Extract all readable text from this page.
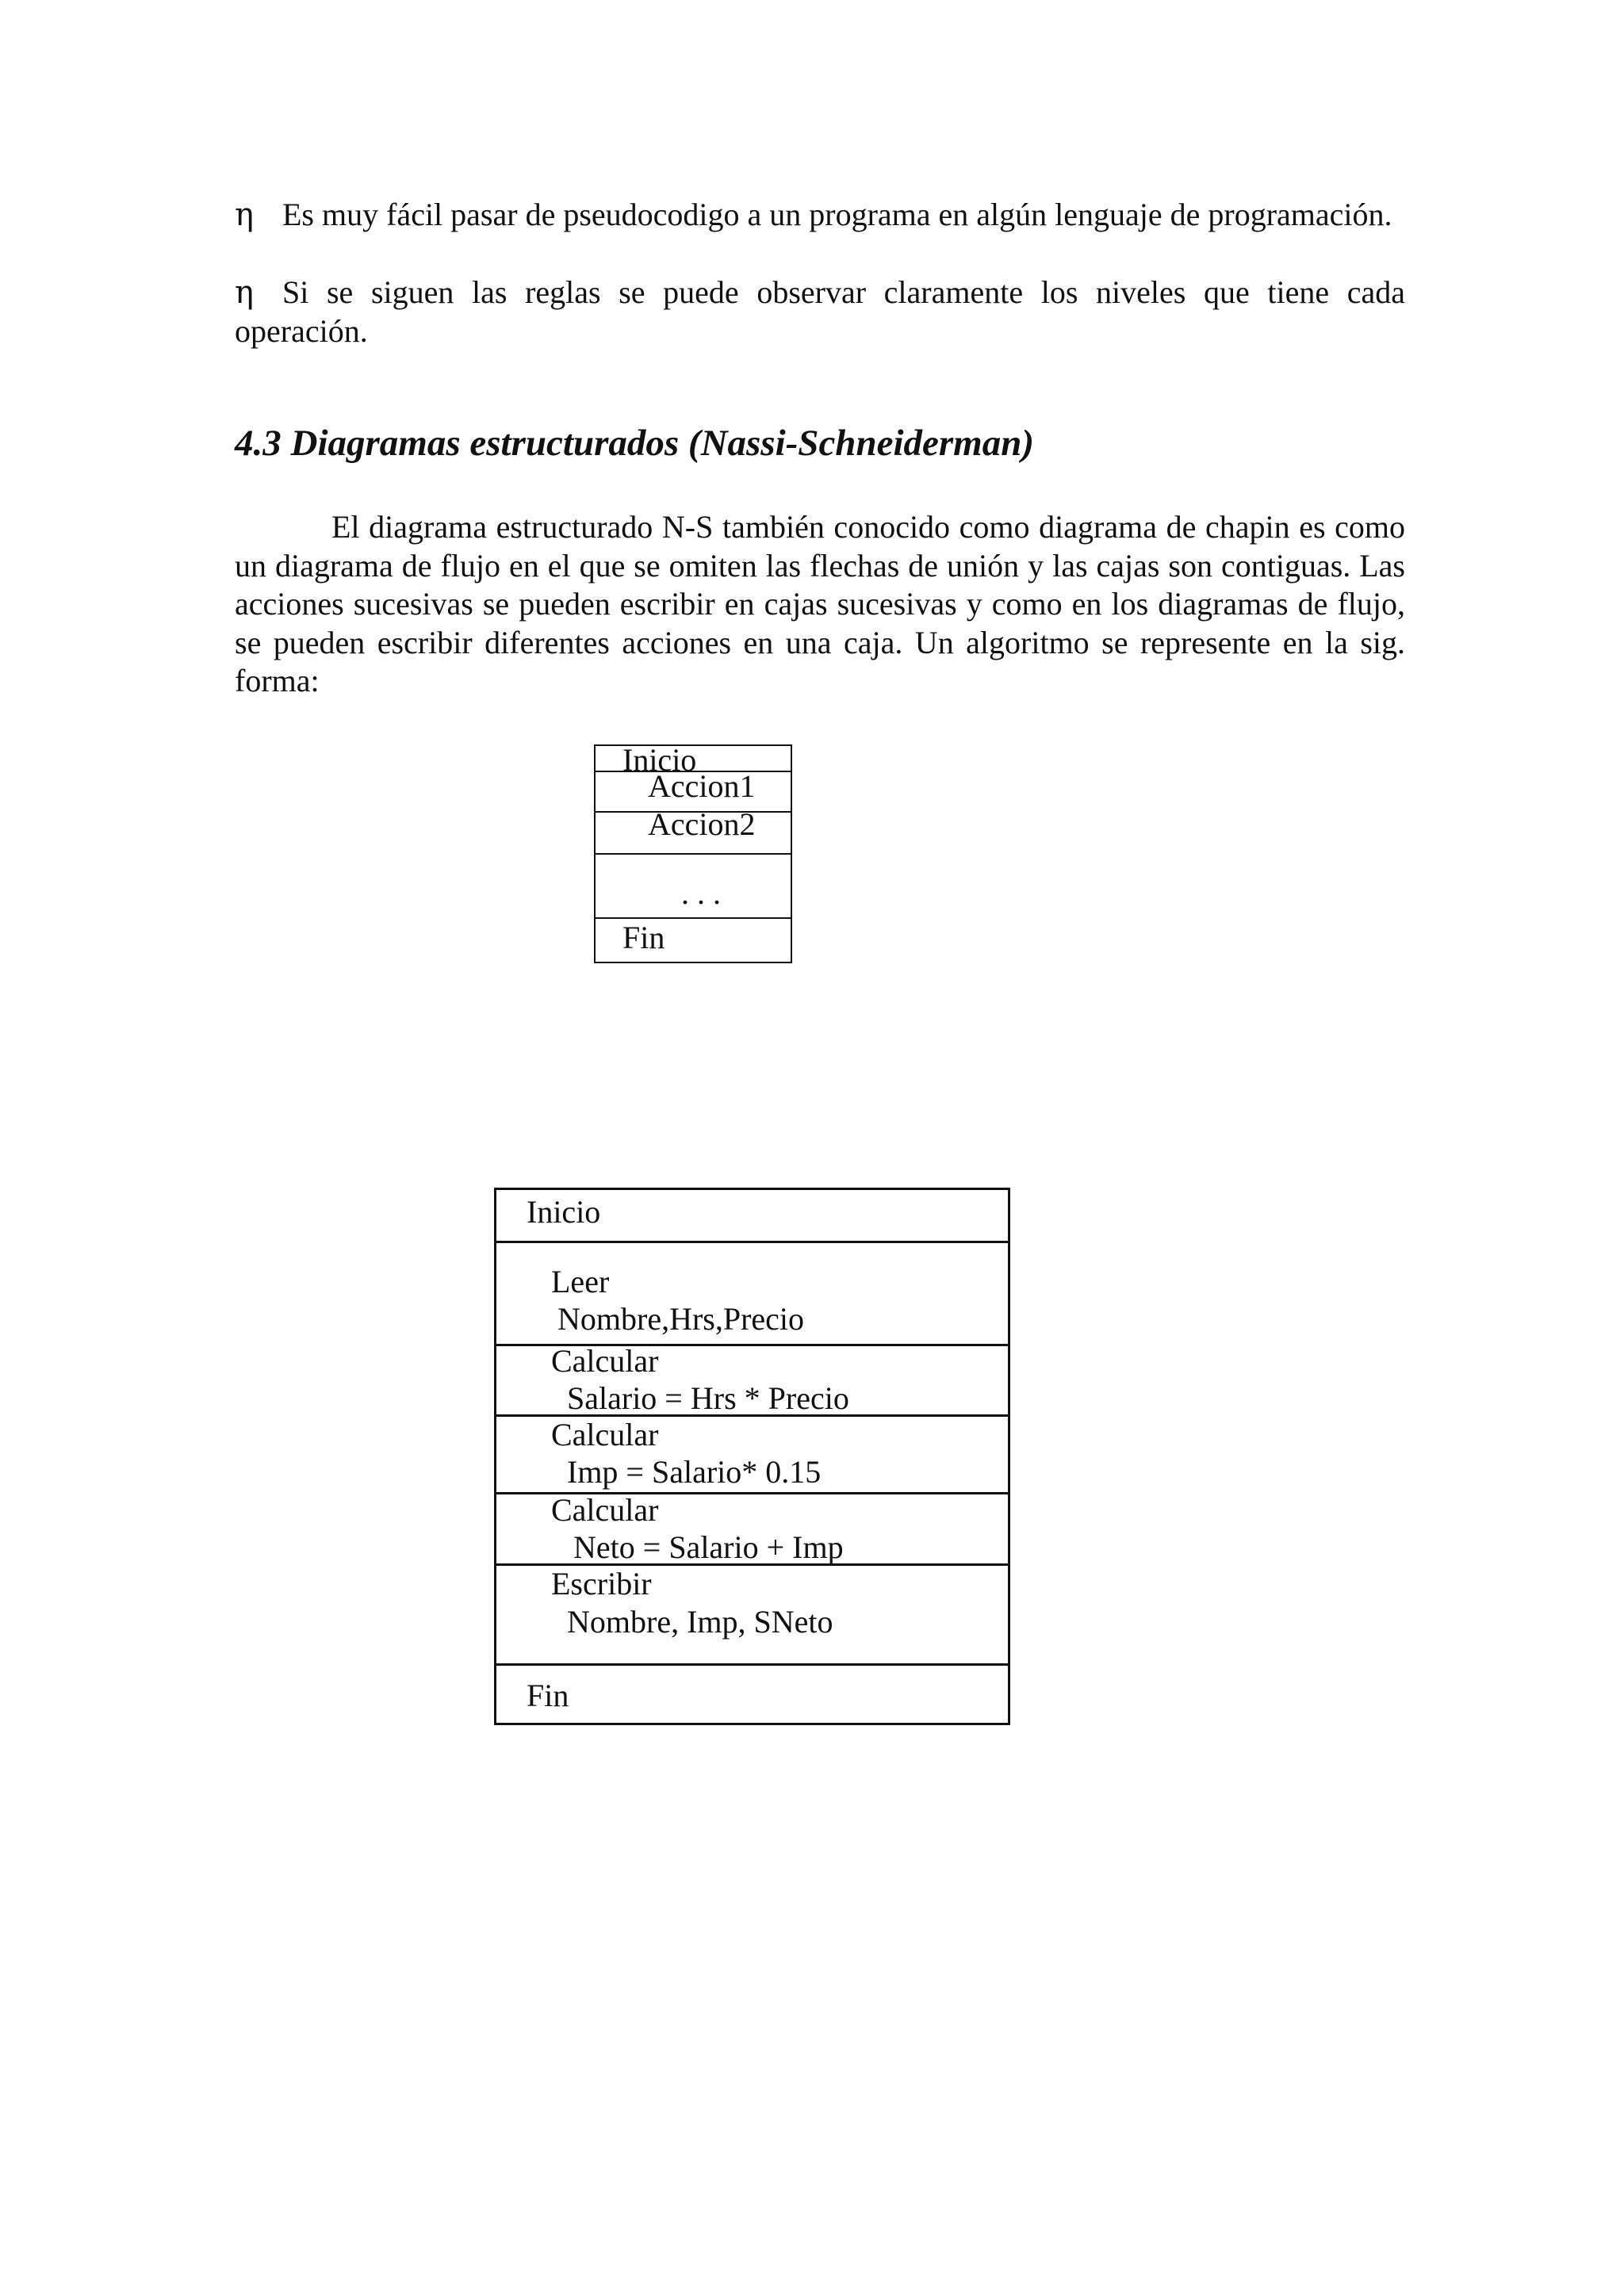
η Es muy fácil pasar de pseudocodigo a un programa en algún lenguaje de programación.

η Si se siguen las reglas se puede observar claramente los niveles que tiene cada operación.

4.3 Diagramas estructurados (Nassi-Schneiderman)

El diagrama estructurado N-S también conocido como diagrama de chapin es como un diagrama de flujo en el que se omiten las flechas de unión y las cajas son contiguas. Las acciones sucesivas se pueden escribir en cajas sucesivas y como en los diagramas de flujo, se pueden escribir diferentes acciones en una caja. Un algoritmo se represente en la sig. forma:

Inicio
Accion1
Accion2
. . .
Fin
Inicio
Leer
Nombre,Hrs,Precio
Calcular
Salario = Hrs * Precio
Calcular
Imp = Salario* 0.15
Calcular
Neto = Salario + Imp
Escribir
Nombre, Imp, SNeto
Fin
